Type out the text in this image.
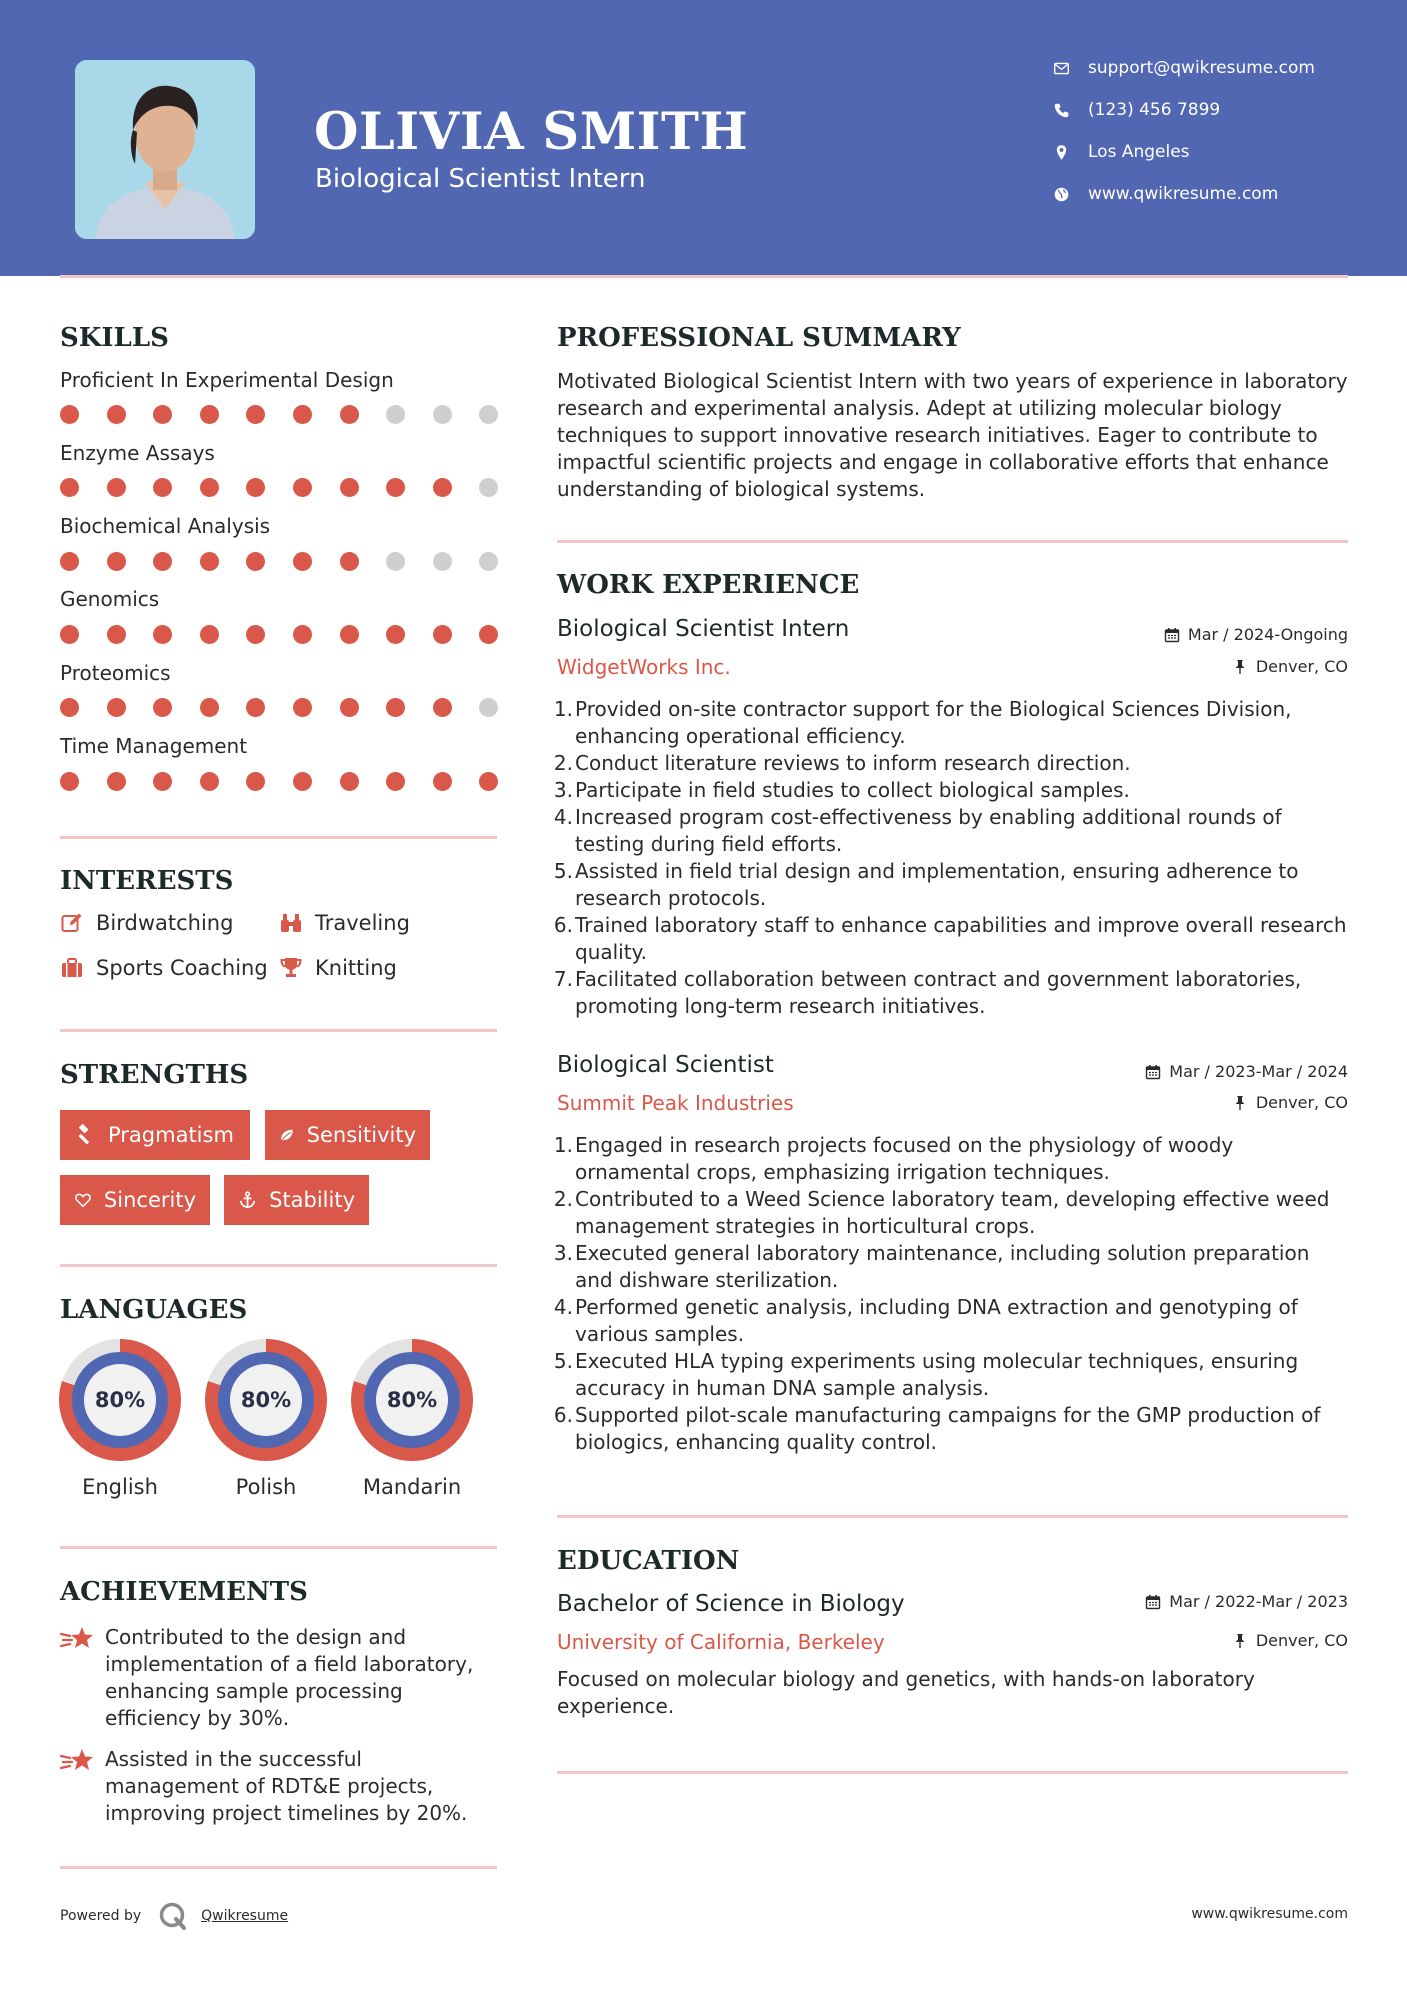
OLIVIA SMITH
Biological Scientist Intern
support@qwikresume.com
(123) 456 7899
Los Angeles
www.qwikresume.com
SKILLS
Proficient In Experimental Design
Enzyme Assays
Biochemical Analysis
Genomics
Proteomics
Time Management
INTERESTS
Birdwatching	Traveling
Sports Coaching Knitting
STRENGTHS
Pragmatism	Sensitivity
Sincerity	Stability
LANGUAGES
80%
English
80%
Polish
80%
Mandarin
ACHIEVEMENTS
Contributed to the design and implementation of a field laboratory, enhancing sample processing efficiency by 30%.
Assisted in the successful management of RDT&E projects, improving project timelines by 20%.
PROFESSIONAL SUMMARY
Motivated Biological Scientist Intern with two years of experience in laboratory research and experimental analysis. Adept at utilizing molecular biology techniques to support innovative research initiatives. Eager to contribute to impactful scientific projects and engage in collaborative efforts that enhance understanding of biological systems.
WORK EXPERIENCE
Biological Scientist Intern	Mar / 2024-Ongoing
WidgetWorks Inc.	Denver, CO
Provided on-site contractor support for the Biological Sciences Division, enhancing operational efficiency.
Conduct literature reviews to inform research direction.
Participate in field studies to collect biological samples.
Increased program cost-effectiveness by enabling additional rounds of testing during field efforts.
Assisted in field trial design and implementation, ensuring adherence to research protocols.
Trained laboratory staff to enhance capabilities and improve overall research quality.
Facilitated collaboration between contract and government laboratories, promoting long-term research initiatives.
Biological Scientist	Mar / 2023-Mar / 2024
Summit Peak Industries	Denver, CO
Engaged in research projects focused on the physiology of woody ornamental crops, emphasizing irrigation techniques.
Contributed to a Weed Science laboratory team, developing effective weed management strategies in horticultural crops.
Executed general laboratory maintenance, including solution preparation and dishware sterilization.
Performed genetic analysis, including DNA extraction and genotyping of various samples.
Executed HLA typing experiments using molecular techniques, ensuring accuracy in human DNA sample analysis.
Supported pilot-scale manufacturing campaigns for the GMP production of biologics, enhancing quality control.
EDUCATION
Bachelor of Science in Biology	Mar / 2022-Mar / 2023
University of California, Berkeley	Denver, CO
Focused on molecular biology and genetics, with hands-on laboratory experience.
Powered by	Qwikresume	www.qwikresume.com
